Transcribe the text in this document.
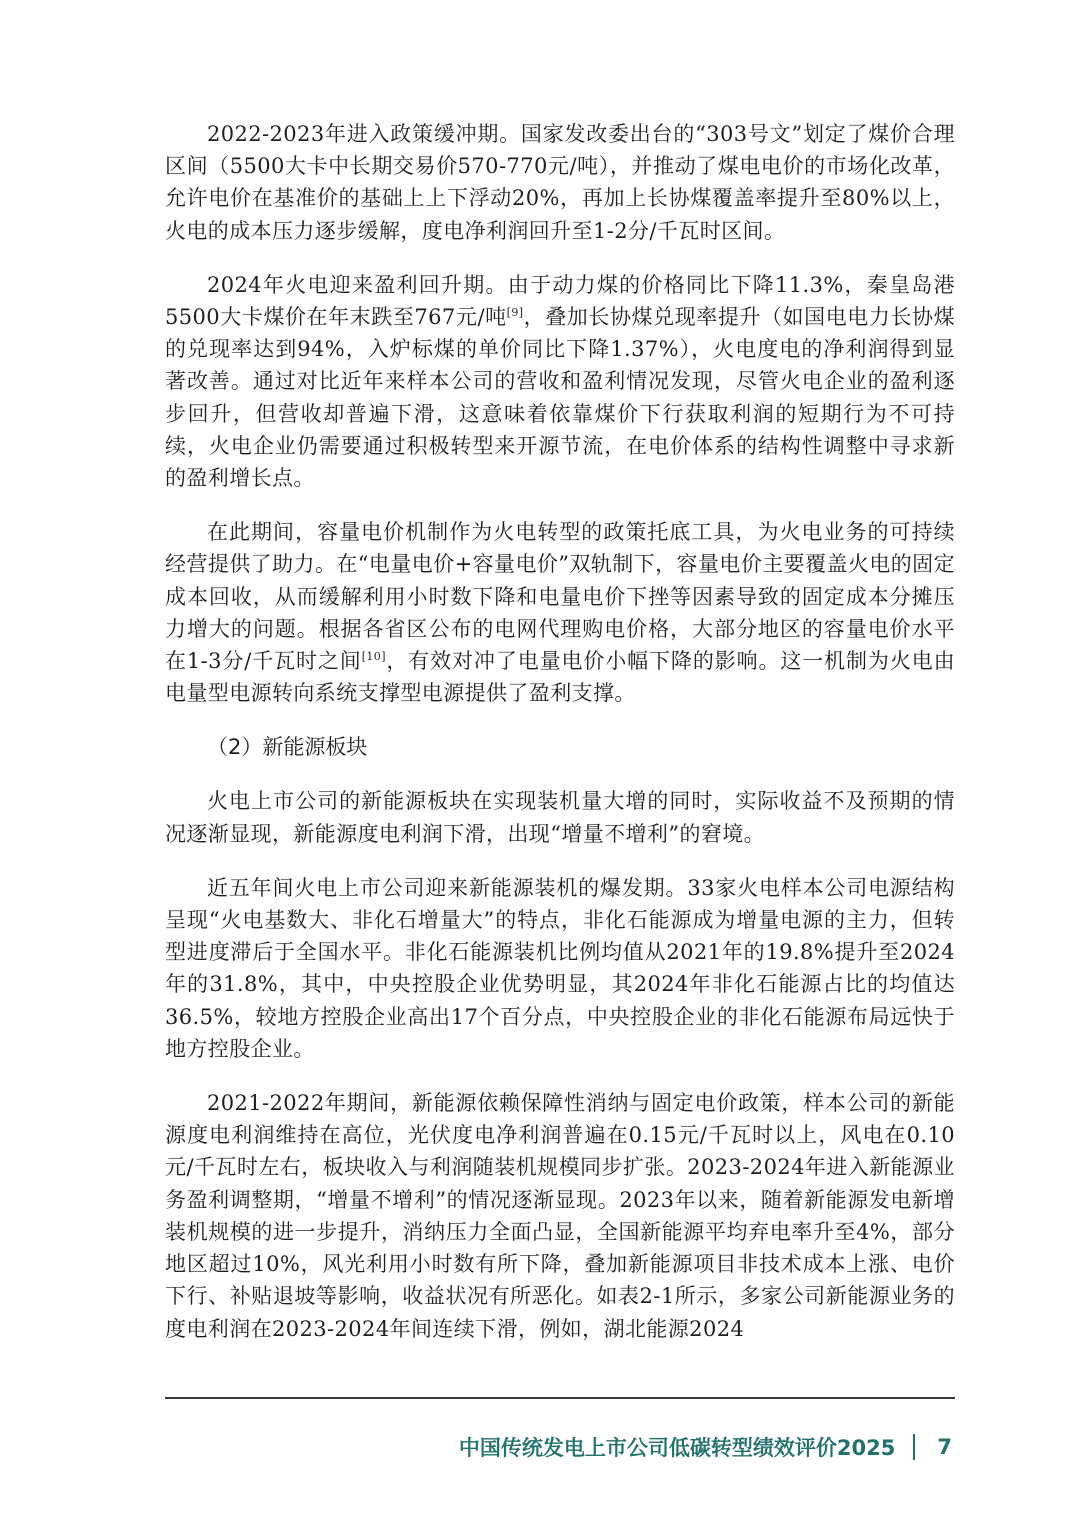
2022-2023年进入政策缓冲期。国家发改委出台的“303号文”划定了煤价合理区间（5500大卡中长期交易价570-770元/吨），并推动了煤电电价的市场化改革，允许电价在基准价的基础上上下浮动20%，再加上长协煤覆盖率提升至80%以上，火电的成本压力逐步缓解，度电净利润回升至1-2分/千瓦时区间。

2024年火电迎来盈利回升期。由于动力煤的价格同比下降11.3%，秦皇岛港5500大卡煤价在年末跌至767元/吨[9]，叠加长协煤兑现率提升（如国电电力长协煤的兑现率达到94%，入炉标煤的单价同比下降1.37%），火电度电的净利润得到显著改善。通过对比近年来样本公司的营收和盈利情况发现，尽管火电企业的盈利逐步回升，但营收却普遍下滑，这意味着依靠煤价下行获取利润的短期行为不可持续，火电企业仍需要通过积极转型来开源节流，在电价体系的结构性调整中寻求新的盈利增长点。

在此期间，容量电价机制作为火电转型的政策托底工具，为火电业务的可持续经营提供了助力。在“电量电价+容量电价”双轨制下，容量电价主要覆盖火电的固定成本回收，从而缓解利用小时数下降和电量电价下挫等因素导致的固定成本分摊压力增大的问题。根据各省区公布的电网代理购电价格，大部分地区的容量电价水平在1-3分/千瓦时之间[10]，有效对冲了电量电价小幅下降的影响。这一机制为火电由电量型电源转向系统支撑型电源提供了盈利支撑。

（2）新能源板块

火电上市公司的新能源板块在实现装机量大增的同时，实际收益不及预期的情况逐渐显现，新能源度电利润下滑，出现“增量不增利”的窘境。

近五年间火电上市公司迎来新能源装机的爆发期。33家火电样本公司电源结构呈现“火电基数大、非化石增量大”的特点，非化石能源成为增量电源的主力，但转型进度滞后于全国水平。非化石能源装机比例均值从2021年的19.8%提升至2024年的31.8%，其中，中央控股企业优势明显，其2024年非化石能源占比的均值达36.5%，较地方控股企业高出17个百分点，中央控股企业的非化石能源布局远快于地方控股企业。

2021-2022年期间，新能源依赖保障性消纳与固定电价政策，样本公司的新能源度电利润维持在高位，光伏度电净利润普遍在0.15元/千瓦时以上，风电在0.10元/千瓦时左右，板块收入与利润随装机规模同步扩张。2023-2024年进入新能源业务盈利调整期，“增量不增利”的情况逐渐显现。2023年以来，随着新能源发电新增装机规模的进一步提升，消纳压力全面凸显，全国新能源平均弃电率升至4%，部分地区超过10%，风光利用小时数有所下降，叠加新能源项目非技术成本上涨、电价下行、补贴退坡等影响，收益状况有所恶化。如表2-1所示，多家公司新能源业务的度电利润在2023-2024年间连续下滑，例如，湖北能源2024

中国传统发电上市公司低碳转型绩效评价2025 7
